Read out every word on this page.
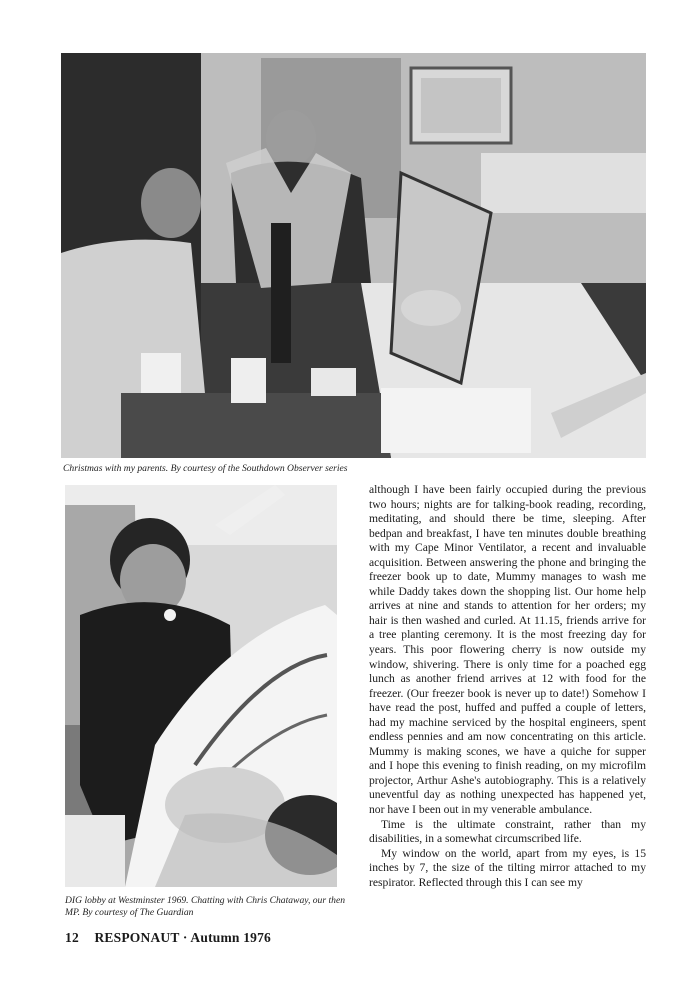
Christmas with my parents. By courtesy of the Southdown Observer series
DIG lobby at Westminster 1969. Chatting with Chris Chataway, our then MP. By courtesy of The Guardian

although I have been fairly occupied during the previous two hours; nights are for talking-book reading, recording, meditating, and should there be time, sleeping. After bedpan and breakfast, I have ten minutes double breathing with my Cape Minor Ventilator, a recent and invaluable acquisition. Between answering the phone and bringing the freezer book up to date, Mummy manages to wash me while Daddy takes down the shopping list. Our home help arrives at nine and stands to attention for her orders; my hair is then washed and curled. At 11.15, friends arrive for a tree planting ceremony. It is the most freezing day for years. This poor flowering cherry is now outside my window, shivering. There is only time for a poached egg lunch as another friend arrives at 12 with food for the freezer. (Our freezer book is never up to date!) Somehow I have read the post, huffed and puffed a couple of letters, had my machine serviced by the hospital engineers, spent endless pennies and am now concentrating on this article. Mummy is making scones, we have a quiche for supper and I hope this evening to finish reading, on my microfilm projector, Arthur Ashe's autobiography. This is a relatively uneventful day as nothing unexpected has happened yet, nor have I been out in my venerable ambulance.

Time is the ultimate constraint, rather than my disabilities, in a somewhat circumscribed life.

My window on the world, apart from my eyes, is 15 inches by 7, the size of the tilting mirror attached to my respirator. Reflected through this I can see my

12 RESPONAUT · Autumn 1976
